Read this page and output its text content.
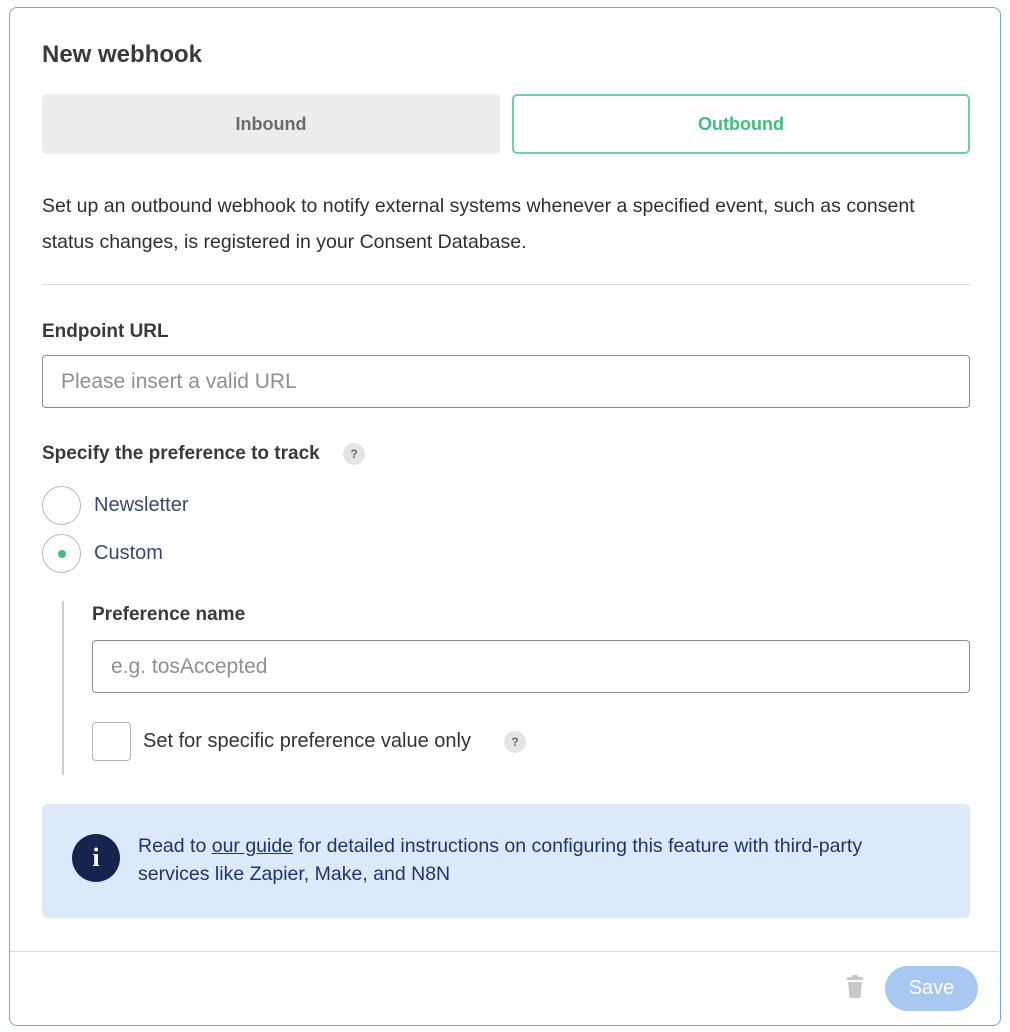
New webhook
Inbound	Outbound

Set up an outbound webhook to notify external systems whenever a specified event, such as consent status changes, is registered in your Consent Database.

Endpoint URL
Please insert a valid URL
Specify the preference to track	?
Newsletter
Custom
Preference name
e.g. tosAccepted
Set for specific preference value only	?
i	Read to our guide for detailed instructions on configuring this feature with third-party services like Zapier, Make, and N8N
Save
